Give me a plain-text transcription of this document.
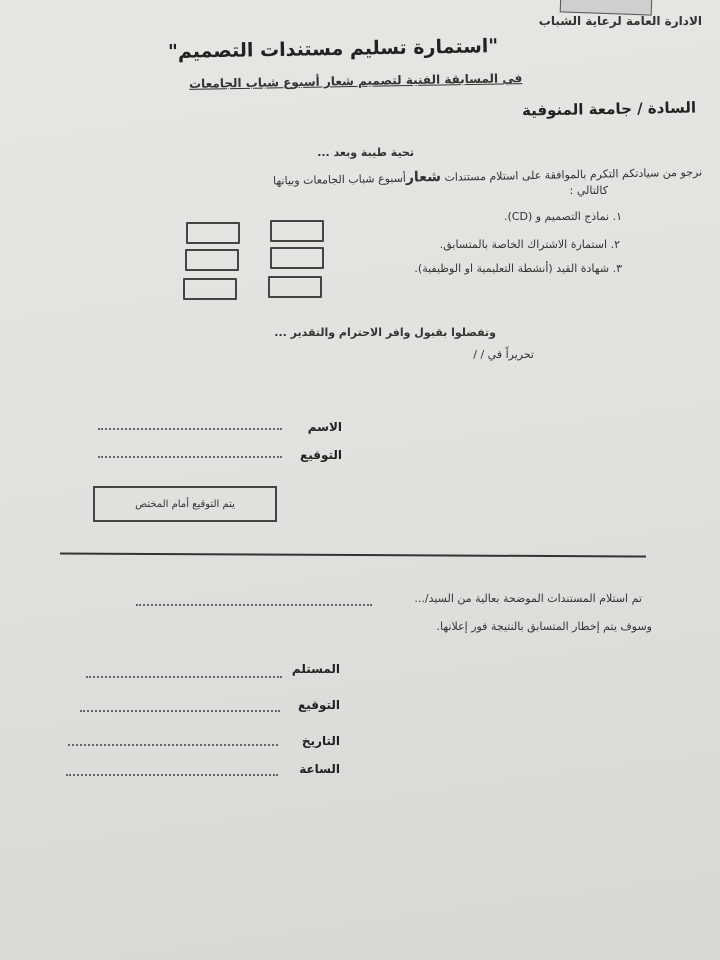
الادارة العامة لرعاية الشباب
"استمارة تسليم مستندات التصميم"
في المسابقة الفنية لتصميم شعار أسبوع شباب الجامعات
السادة / جامعة المنوفية
تحية طيبة وبعد ...
نرجو من سيادتكم التكرم بالموافقة على استلام مستندات شعارأسبوع شباب الجامعات وبيانها
كالتالي :
١. نماذج التصميم و (CD).
٢. استمارة الاشتراك الخاصة بالمتسابق.
٣. شهادة القيد (أنشطة التعليمية او الوظيفية).
وتفضلوا بقبول وافر الاحترام والتقدير ...
تحريراً في / /
الاسم
التوقيع
يتم التوقيع أمام المختص
تم استلام المستندات الموضحة بعالية من السيد/...
وسوف يتم إخطار المتسابق بالنتيجة فور إعلانها.
المستلم
التوقيع
التاريخ
الساعة
